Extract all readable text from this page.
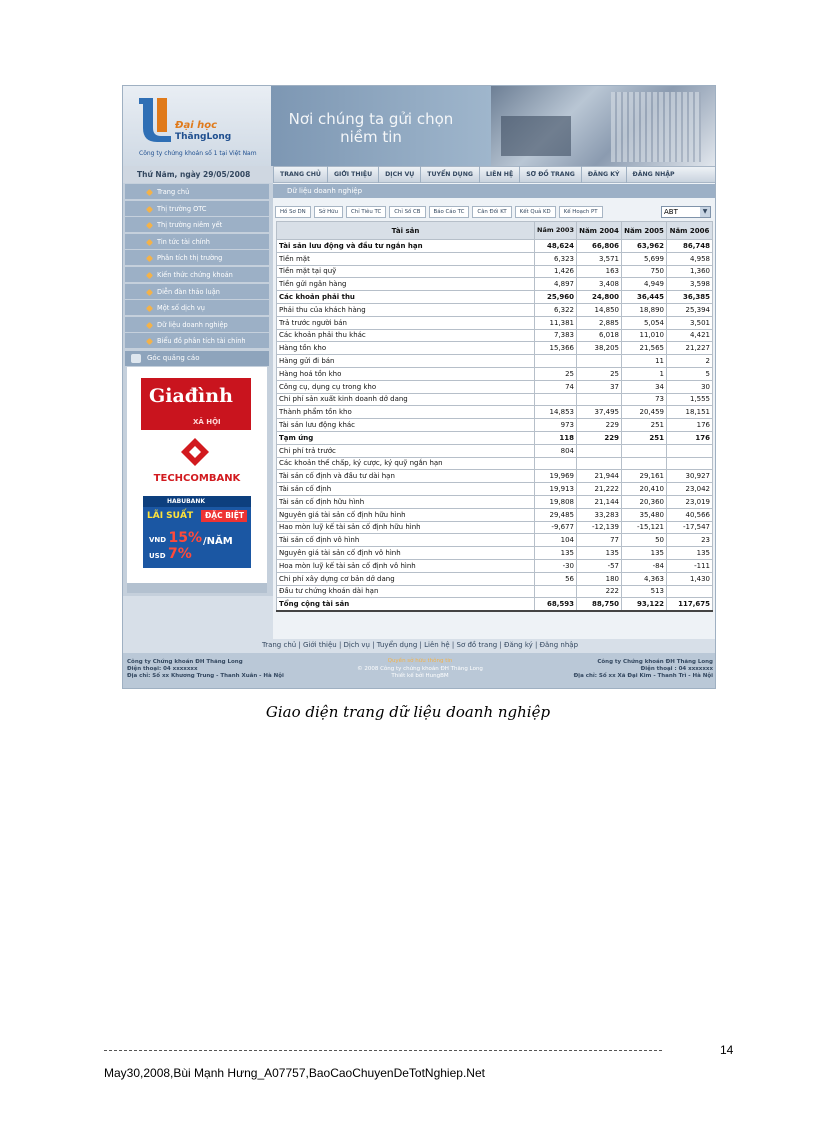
Đại học
ThăngLong
Công ty chứng khoán số 1 tại Việt Nam
Nơi chúng ta gửi chọn niềm tin
Thứ Năm, ngày 29/05/2008	TRANG CHỦ	GIỚI THIỆU	DỊCH VỤ	TUYỂN DỤNG	LIÊN HỆ	SƠ ĐỒ TRANG	ĐĂNG KÝ	ĐĂNG NHẬP
Trang chủ
Thị trường OTC
Thị trường niêm yết
Tin tức tài chính
Phân tích thị trường
Kiến thức chứng khoán
Diễn đàn thảo luận
Một số dịch vụ
Dữ liệu doanh nghiệp
Biểu đồ phân tích tài chính
Góc quảng cáo
Giađình
XÃ HỘI
TECHCOMBANK
HABUBANK
LÃI SUẤT	ĐẶC BIỆT
VND 15%
USD 7%
/NĂM
Dữ liệu doanh nghiệp
Hồ Sơ DN	Sở Hữu	Chỉ Tiêu TC	Chỉ Số CB	Báo Cáo TC	Cân Đối KT	Kết Quả KD	Kế Hoạch PT	ABT	▼
Tài sản	Năm 2003	Năm 2004	Năm 2005	Năm 2006
Tài sản lưu động và đầu tư ngắn hạn	48,624	66,806	63,962	86,748
Tiền mặt	6,323	3,571	5,699	4,958
Tiền mặt tại quỹ	1,426	163	750	1,360
Tiền gửi ngân hàng	4,897	3,408	4,949	3,598
Các khoản phải thu	25,960	24,800	36,445	36,385
Phải thu của khách hàng	6,322	14,850	18,890	25,394
Trả trước người bán	11,381	2,885	5,054	3,501
Các khoản phải thu khác	7,383	6,018	11,010	4,421
Hàng tồn kho	15,366	38,205	21,565	21,227
Hàng gửi đi bán			11	2
Hàng hoá tồn kho	25	25	1	5
Công cụ, dụng cụ trong kho	74	37	34	30
Chi phí sản xuất kinh doanh dở dang			73	1,555
Thành phẩm tồn kho	14,853	37,495	20,459	18,151
Tài sản lưu động khác	973	229	251	176
Tạm ứng	118	229	251	176
Chi phí trả trước	804			
Các khoản thế chấp, ký cược, ký quỹ ngắn hạn				
Tài sản cố định và đầu tư dài hạn	19,969	21,944	29,161	30,927
Tài sản cố định	19,913	21,222	20,410	23,042
Tài sản cố định hữu hình	19,808	21,144	20,360	23,019
Nguyên giá tài sản cố định hữu hình	29,485	33,283	35,480	40,566
Hao mòn luỹ kế tài sản cố định hữu hình	-9,677	-12,139	-15,121	-17,547
Tài sản cố định vô hình	104	77	50	23
Nguyên giá tài sản cố định vô hình	135	135	135	135
Hoa mòn luỹ kế tài sản cố định vô hình	-30	-57	-84	-111
Chi phí xây dựng cơ bản dở dang	56	180	4,363	1,430
Đầu tư chứng khoán dài hạn		222	513	
Tổng cộng tài sản	68,593	88,750	93,122	117,675
Trang chủ | Giới thiệu | Dịch vụ | Tuyển dụng | Liên hệ | Sơ đồ trang | Đăng ký | Đăng nhập
Công ty Chứng khoán ĐH Thăng Long
Điện thoại: 04 xxxxxxx
Địa chỉ: Số xx Khương Trung - Thanh Xuân - Hà Nội
Quyền sở hữu thông tin
© 2008 Công ty chứng khoán ĐH Thăng Long
Thiết kế bởi HungBM
Công ty Chứng khoán ĐH Thăng Long
Điện thoại : 04 xxxxxxx
Địa chỉ: Số xx Xã Đại Kim - Thanh Trì - Hà Nội
Giao diện trang dữ liệu doanh nghiệp
14
May30,2008,Bùi Mạnh Hưng_A07757,BaoCaoChuyenDeTotNghiep.Net
